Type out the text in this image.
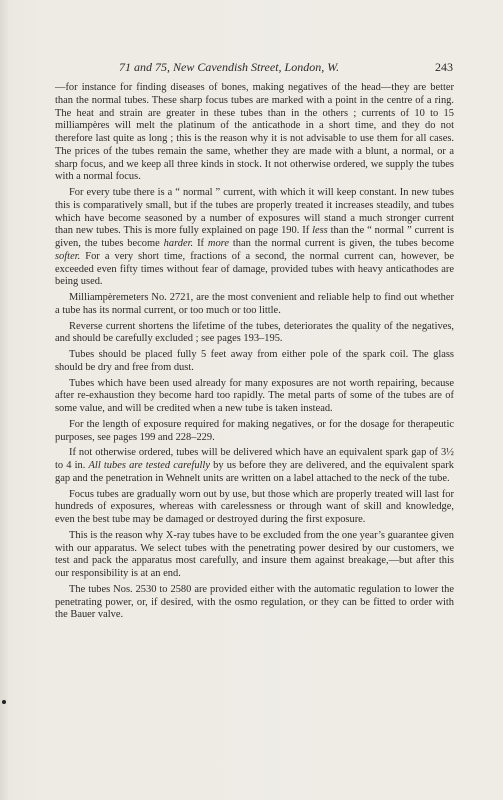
71 and 75, New Cavendish Street, London, W.	243

—for instance for finding diseases of bones, making negatives of the head—they are better than the normal tubes. These sharp focus tubes are marked with a point in the centre of a ring. The heat and strain are greater in these tubes than in the others ; currents of 10 to 15 milliampères will melt the platinum of the anticathode in a short time, and they do not therefore last quite as long ; this is the reason why it is not advisable to use them for all cases. The prices of the tubes remain the same, whether they are made with a blunt, a normal, or a sharp focus, and we keep all three kinds in stock. It not otherwise ordered, we supply the tubes with a normal focus.

For every tube there is a “ normal ” current, with which it will keep constant. In new tubes this is comparatively small, but if the tubes are properly treated it increases steadily, and tubes which have become seasoned by a number of exposures will stand a much stronger current than new tubes. This is more fully explained on page 190. If less than the “ normal ” current is given, the tubes become harder. If more than the normal current is given, the tubes become softer. For a very short time, fractions of a second, the normal current can, however, be exceeded even fifty times without fear of damage, provided tubes with heavy anticathodes are being used.

Milliampèremeters No. 2721, are the most convenient and reliable help to find out whether a tube has its normal current, or too much or too little.

Reverse current shortens the lifetime of the tubes, deteriorates the quality of the negatives, and should be carefully excluded ; see pages 193–195.

Tubes should be placed fully 5 feet away from either pole of the spark coil. The glass should be dry and free from dust.

Tubes which have been used already for many exposures are not worth repairing, because after re-exhaustion they become hard too rapidly. The metal parts of some of the tubes are of some value, and will be credited when a new tube is taken instead.

For the length of exposure required for making negatives, or for the dosage for therapeutic purposes, see pages 199 and 228–229.

If not otherwise ordered, tubes will be delivered which have an equivalent spark gap of 3½ to 4 in. All tubes are tested carefully by us before they are delivered, and the equivalent spark gap and the penetration in Wehnelt units are written on a label attached to the neck of the tube.

Focus tubes are gradually worn out by use, but those which are properly treated will last for hundreds of exposures, whereas with carelessness or through want of skill and knowledge, even the best tube may be damaged or destroyed during the first exposure.

This is the reason why X-ray tubes have to be excluded from the one year’s guarantee given with our apparatus. We select tubes with the penetrating power desired by our customers, we test and pack the apparatus most carefully, and insure them against breakage,—but after this our responsibility is at an end.

The tubes Nos. 2530 to 2580 are provided either with the automatic regulation to lower the penetrating power, or, if desired, with the osmo regulation, or they can be fitted to order with the Bauer valve.
